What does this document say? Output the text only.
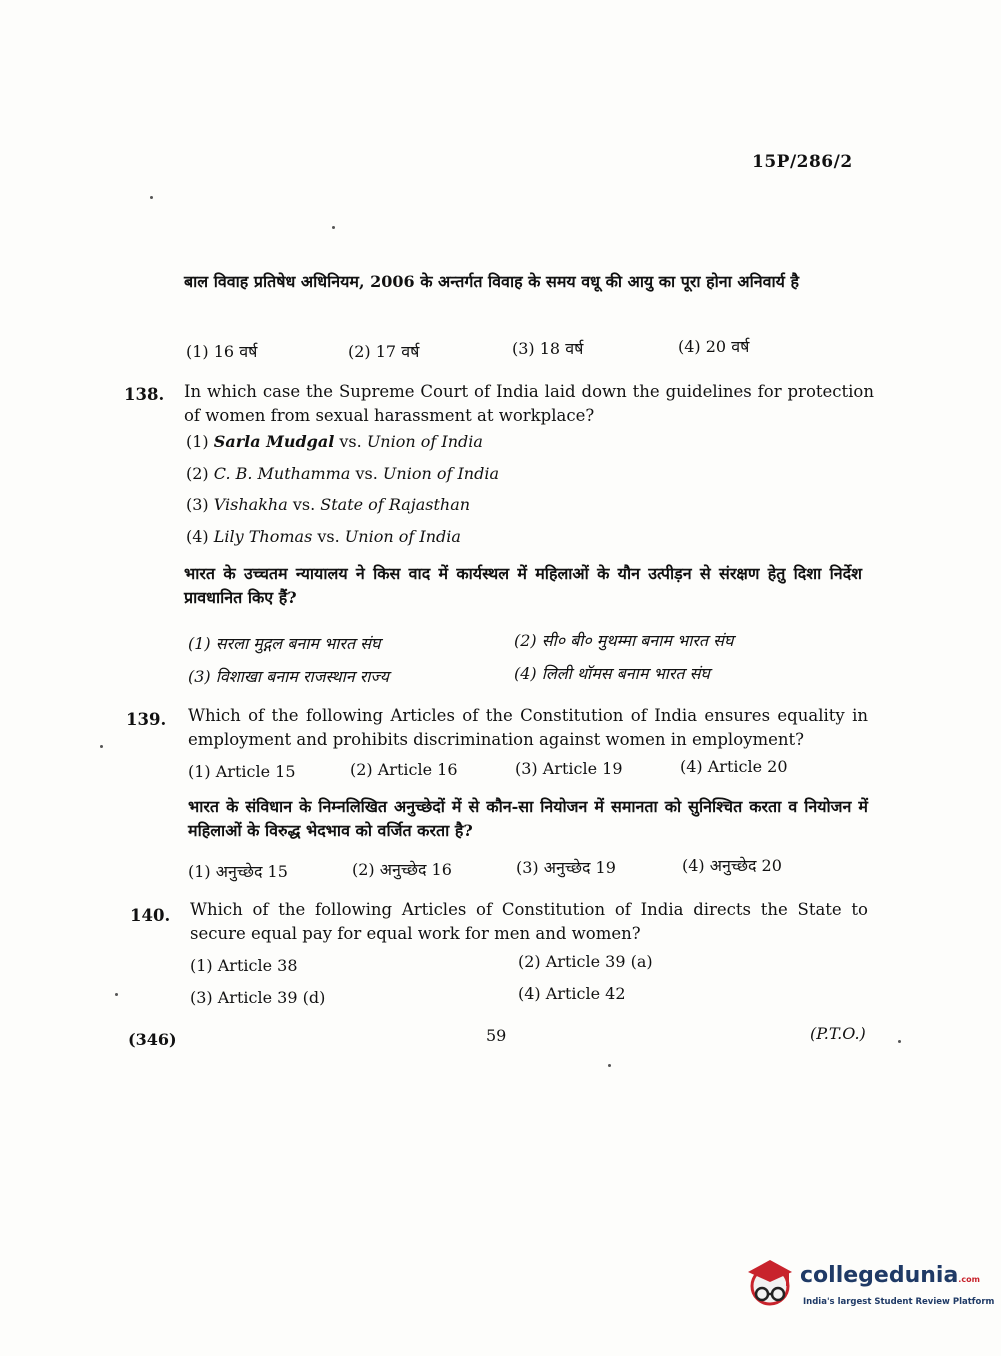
15P/286/2
बाल विवाह प्रतिषेध अधिनियम, 2006 के अन्तर्गत विवाह के समय वधू की आयु का पूरा होना अनिवार्य है
(1) 16 वर्ष	(2) 17 वर्ष	(3) 18 वर्ष	(4) 20 वर्ष
138.	In which case the Supreme Court of India laid down the guidelines for protection of women from sexual harassment at workplace?
(1) Sarla Mudgal vs. Union of India
(2) C. B. Muthamma vs. Union of India
(3) Vishakha vs. State of Rajasthan
(4) Lily Thomas vs. Union of India
भारत के उच्चतम न्यायालय ने किस वाद में कार्यस्थल में महिलाओं के यौन उत्पीड़न से संरक्षण हेतु दिशा निर्देश प्रावधानित किए हैं?
(1) सरला मुद्गल बनाम भारत संघ	(2) सी० बी० मुथम्मा बनाम भारत संघ
(3) विशाखा बनाम राजस्थान राज्य	(4) लिली थॉमस बनाम भारत संघ
139.	Which of the following Articles of the Constitution of India ensures equality in employment and prohibits discrimination against women in employment?
(1) Article 15	(2) Article 16	(3) Article 19	(4) Article 20
भारत के संविधान के निम्नलिखित अनुच्छेदों में से कौन-सा नियोजन में समानता को सुनिश्चित करता व नियोजन में महिलाओं के विरुद्ध भेदभाव को वर्जित करता है?
(1) अनुच्छेद 15	(2) अनुच्छेद 16	(3) अनुच्छेद 19	(4) अनुच्छेद 20
140.	Which of the following Articles of Constitution of India directs the State to secure equal pay for equal work for men and women?
(1) Article 38	(2) Article 39 (a)
(3) Article 39 (d)	(4) Article 42
(346)	59	(P.T.O.)
collegedunia.com
India's largest Student Review Platform
